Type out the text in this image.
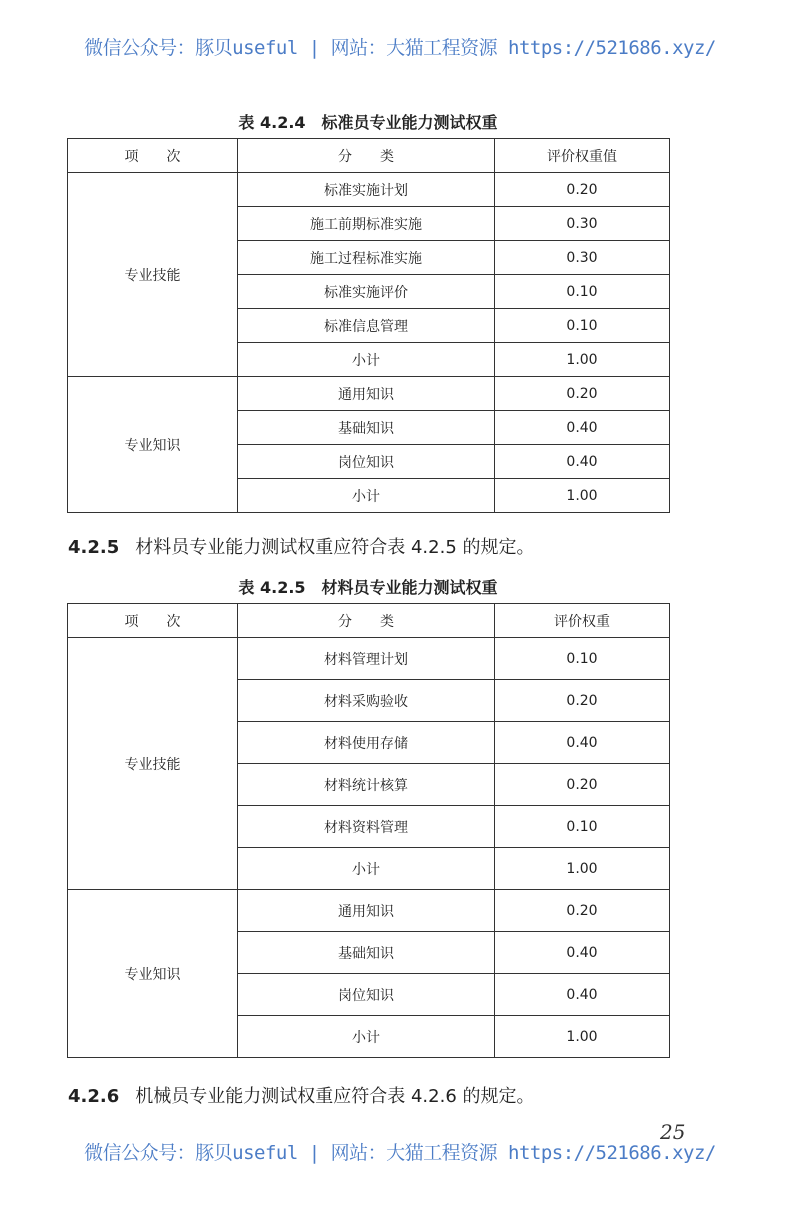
微信公众号：豚贝useful | 网站：大猫工程资源 https://521686.xyz/
表 4.2.4　标准员专业能力测试权重
项　　次	分　　类	评价权重值
专业技能	标准实施计划	0.20
	施工前期标准实施	0.30
	施工过程标准实施	0.30
	标准实施评价	0.10
	标准信息管理	0.10
	小计	1.00
专业知识	通用知识	0.20
	基础知识	0.40
	岗位知识	0.40
	小计	1.00
4.2.5 材料员专业能力测试权重应符合表 4.2.5 的规定。
表 4.2.5　材料员专业能力测试权重
项　　次	分　　类	评价权重
专业技能	材料管理计划	0.10
	材料采购验收	0.20
	材料使用存储	0.40
	材料统计核算	0.20
	材料资料管理	0.10
	小计	1.00
专业知识	通用知识	0.20
	基础知识	0.40
	岗位知识	0.40
	小计	1.00
4.2.6 机械员专业能力测试权重应符合表 4.2.6 的规定。
25
微信公众号：豚贝useful | 网站：大猫工程资源 https://521686.xyz/
